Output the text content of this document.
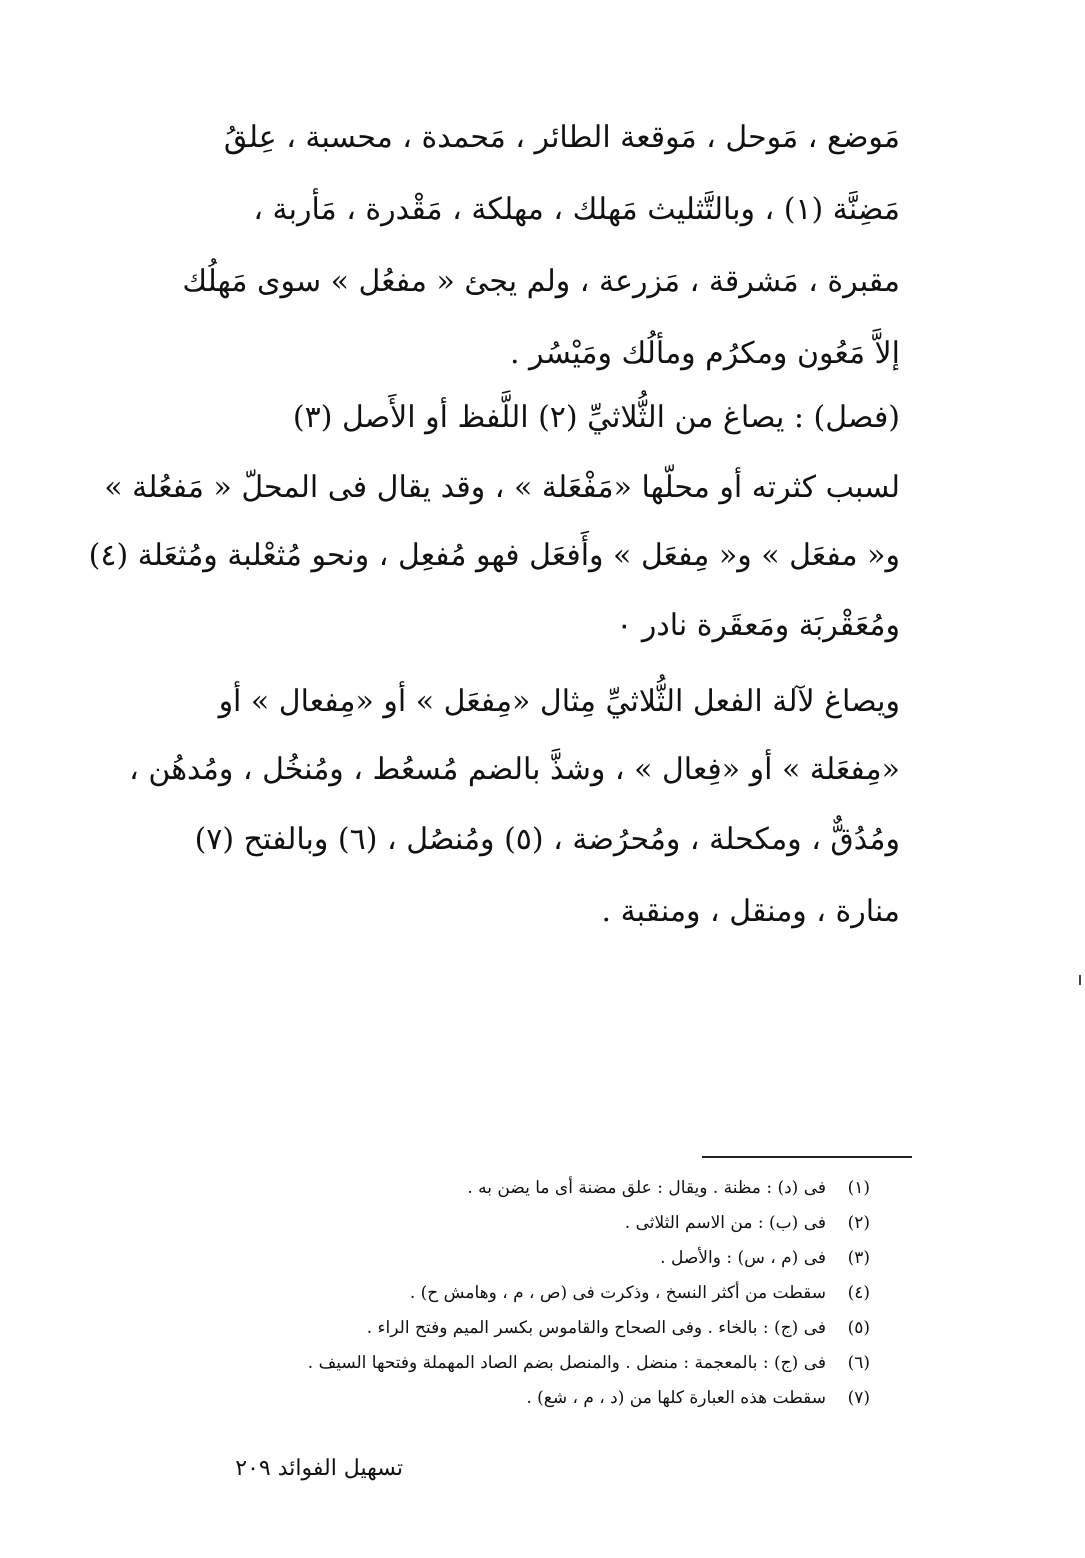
مَوضع ، مَوحل ، مَوقعة الطائر ، مَحمدة ، محسبة ، عِلقُ
مَضِنَّة (١) ، وبالتَّثليث مَهلك ، مهلكة ، مَقْدرة ، مَأربة ،
مقبرة ، مَشرقة ، مَزرعة ، ولم يجئ « مفعُل » سوى مَهلُك
إلاَّ مَعُون ومكرُم ومألُك ومَيْسُر .
(فصل) : يصاغ من الثُّلاثيِّ (٢) اللَّفظ أو الأَصل (٣)
لسبب كثرته أو محلّها «مَفْعَلة » ، وقد يقال فى المحلّ « مَفعُلة »
و« مفعَل » و« مِفعَل » وأَفعَل فهو مُفعِل ، ونحو مُثعْلبة ومُثعَلة (٤)
ومُعَقْربَة ومَعقَرة نادر ٠
ويصاغ لآلة الفعل الثُّلاثيِّ مِثال «مِفعَل » أو «مِفعال » أو
«مِفعَلة » أو «فِعال » ، وشذَّ بالضم مُسعُط ، ومُنخُل ، ومُدهُن ،
ومُدُقٌّ ، ومكحلة ، ومُحرُضة ، (٥) ومُنصُل ، (٦) وبالفتح (٧)
منارة ، ومنقل ، ومنقبة .
(١)فى (د) : مظنة . ويقال : علق مضنة أى ما يضن به .
(٢)فى (ب) : من الاسم الثلاثى .
(٣)فى (م ، س) : والأصل .
(٤)سقطت من أكثر النسخ ، وذكرت فى (ص ، م ، وهامش ح) .
(٥)فى (ج) : بالخاء . وفى الصحاح والقاموس بكسر الميم وفتح الراء .
(٦)فى (ج) : بالمعجمة : منضل . والمنصل بضم الصاد المهملة وفتحها السيف .
(٧)سقطت هذه العبارة كلها من (د ، م ، شع) .
تسهيل الفوائد ٢٠٩
